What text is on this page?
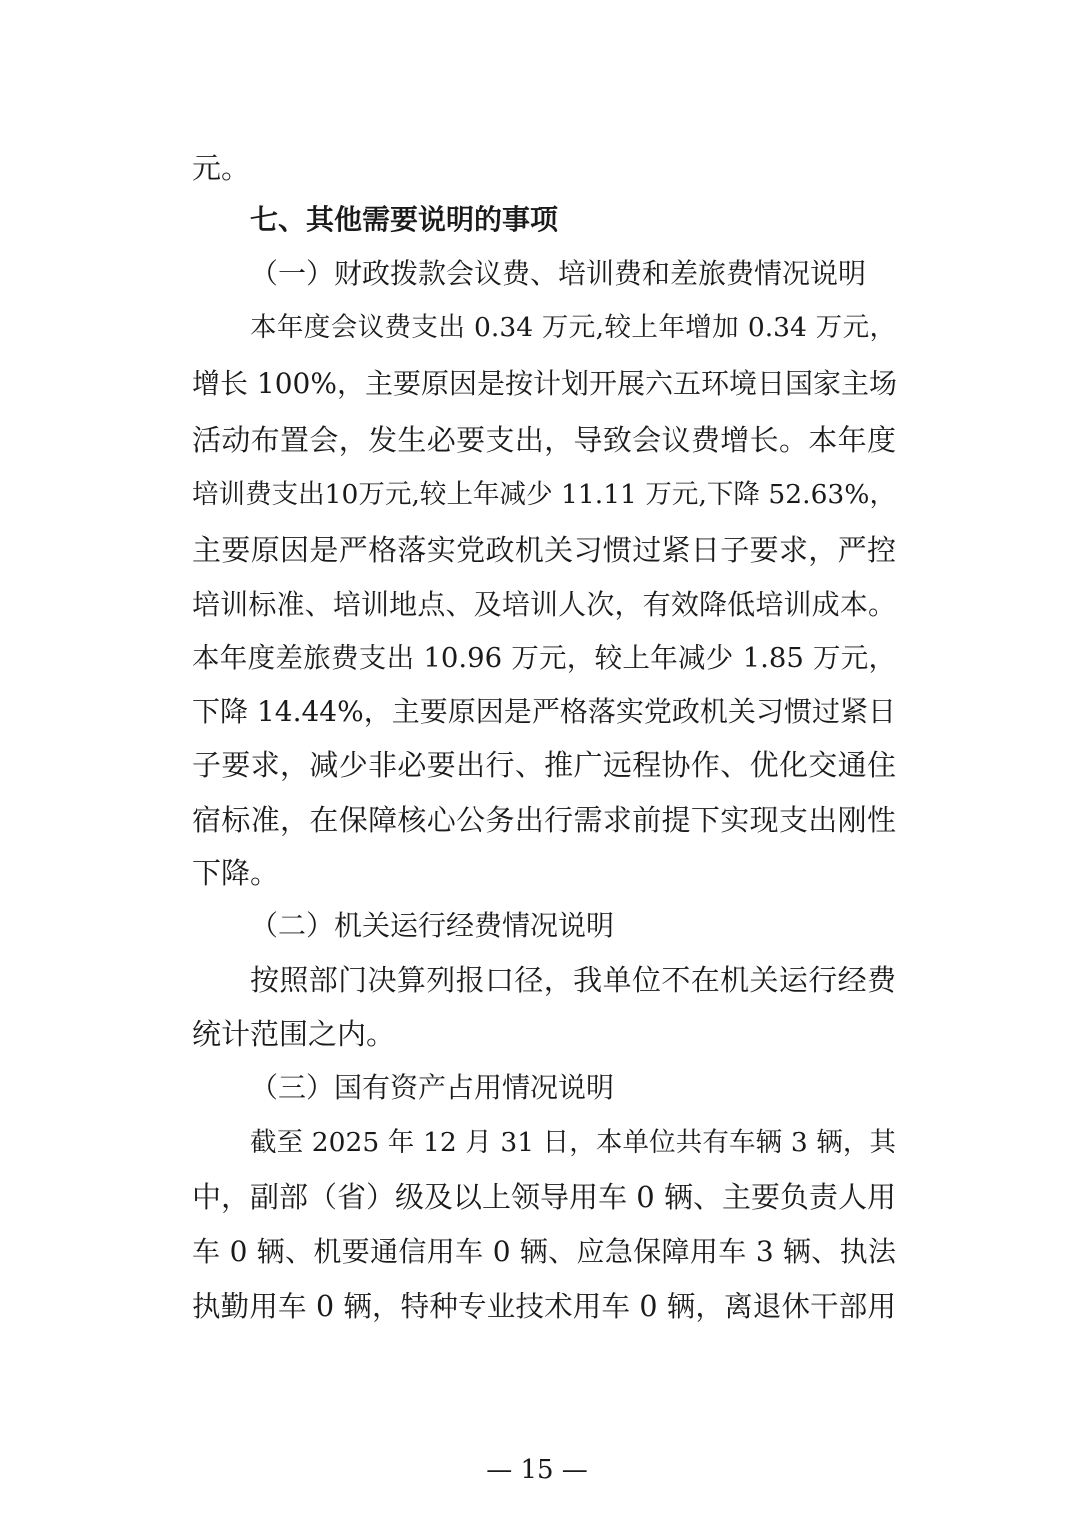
元。
七、其他需要说明的事项
（一）财政拨款会议费、培训费和差旅费情况说明
本年度会议费支出 0.34 万元,较上年增加 0.34 万元，
增长 100%，主要原因是按计划开展六五环境日国家主场
活动布置会，发生必要支出，导致会议费增长。本年度
培训费支出10万元,较上年减少 11.11 万元,下降 52.63%，
主要原因是严格落实党政机关习惯过紧日子要求，严控
培训标准、培训地点、及培训人次，有效降低培训成本。
本年度差旅费支出 10.96 万元，较上年减少 1.85 万元，
下降 14.44%，主要原因是严格落实党政机关习惯过紧日
子要求，减少非必要出行、推广远程协作、优化交通住
宿标准，在保障核心公务出行需求前提下实现支出刚性
下降。
（二）机关运行经费情况说明
按照部门决算列报口径，我单位不在机关运行经费
统计范围之内。
（三）国有资产占用情况说明
截至 2025 年 12 月 31 日，本单位共有车辆 3 辆，其
中，副部（省）级及以上领导用车 0 辆、主要负责人用
车 0 辆、机要通信用车 0 辆、应急保障用车 3 辆、执法
执勤用车 0 辆，特种专业技术用车 0 辆，离退休干部用
— 15 —
